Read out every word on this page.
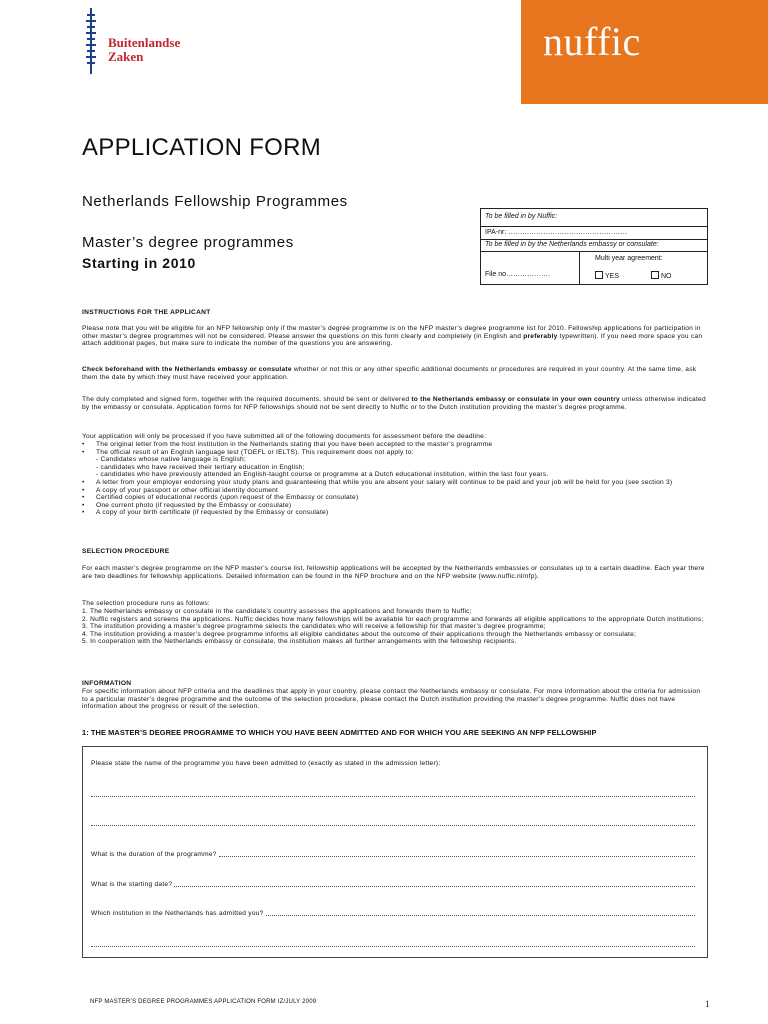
Buitenlandse
Zaken	nuffic
APPLICATION FORM
Netherlands Fellowship Programmes
Master’s degree programmes
Starting in 2010
To be filled in by Nuffic:
IPA-nr: ……………………………………………
To be filled in by the Netherlands embassy or consulate:
File no……………….
Multi year agreement:
YES	NO
INSTRUCTIONS FOR THE APPLICANT
Please note that you will be eligible for an NFP fellowship only if the master’s degree programme is on the NFP master’s degree programme list for 2010. Fellowship applications for participation in other master’s degree programmes will not be considered. Please answer the questions on this form clearly and completely (in English and preferably typewritten). If you need more space you can attach additional pages, but make sure to indicate the number of the questions you are answering.
Check beforehand with the Netherlands embassy or consulate whether or not this or any other specific additional documents or procedures are required in your country. At the same time, ask them the date by which they must have received your application.
The duly completed and signed form, together with the required documents, should be sent or delivered to the Netherlands embassy or consulate in your own country unless otherwise indicated by the embassy or consulate. Application forms for NFP fellowships should not be sent directly to Nuffic or to the Dutch institution providing the master’s degree programme.
Your application will only be processed if you have submitted all of the following documents for assessment before the deadline:
• The original letter from the host institution in the Netherlands stating that you have been accepted to the master’s programme
• The official result of an English language test (TOEFL or IELTS). This requirement does not apply to:
- Candidates whose native language is English;
- candidates who have received their tertiary education in English;
- candidates who have previously attended an English-taught course or programme at a Dutch educational institution, within the last four years.
• A letter from your employer endorsing your study plans and guaranteeing that while you are absent your salary will continue to be paid and your job will be held for you (see section 3)
• A copy of your passport or other official identity document
• Certified copies of educational records (upon request of the Embassy or consulate)
• One current photo (if requested by the Embassy or consulate)
• A copy of your birth certificate (if requested by the Embassy or consulate)
SELECTION PROCEDURE
For each master’s degree programme on the NFP master’s course list, fellowship applications will be accepted by the Netherlands embassies or consulates up to a certain deadline. Each year there are two deadlines for fellowship applications. Detailed information can be found in the NFP brochure and on the NFP website (www.nuffic.nl/nfp).
The selection procedure runs as follows:
1. The Netherlands embassy or consulate in the candidate’s country assesses the applications and forwards them to Nuffic;
2. Nuffic registers and screens the applications. Nuffic decides how many fellowships will be available for each programme and forwards all eligible applications to the appropriate Dutch institutions;
3. The institution providing a master’s degree programme selects the candidates who will receive a fellowship for that master’s degree programme;
4. The institution providing a master’s degree programme informs all eligible candidates about the outcome of their applications through the Netherlands embassy or consulate;
5. In cooperation with the Netherlands embassy or consulate, the institution makes all further arrangements with the fellowship recipients.
INFORMATION
For specific information about NFP criteria and the deadlines that apply in your country, please contact the Netherlands embassy or consulate. For more information about the criteria for admission to a particular master’s degree programme and the outcome of the selection procedure, please contact the Dutch institution providing the master’s degree programme. Nuffic does not have information about the progress or result of the selection.
1: THE MASTER’S DEGREE PROGRAMME TO WHICH YOU HAVE BEEN ADMITTED AND FOR WHICH YOU ARE SEEKING AN NFP FELLOWSHIP
Please state the name of the programme you have been admitted to (exactly as stated in the admission letter):
What is the duration of the programme?
What is the starting date?
Which institution in the Netherlands has admitted you?
NFP MASTER’S DEGREE PROGRAMMES APPLICATION FORM IZ/JULY 2009	1
